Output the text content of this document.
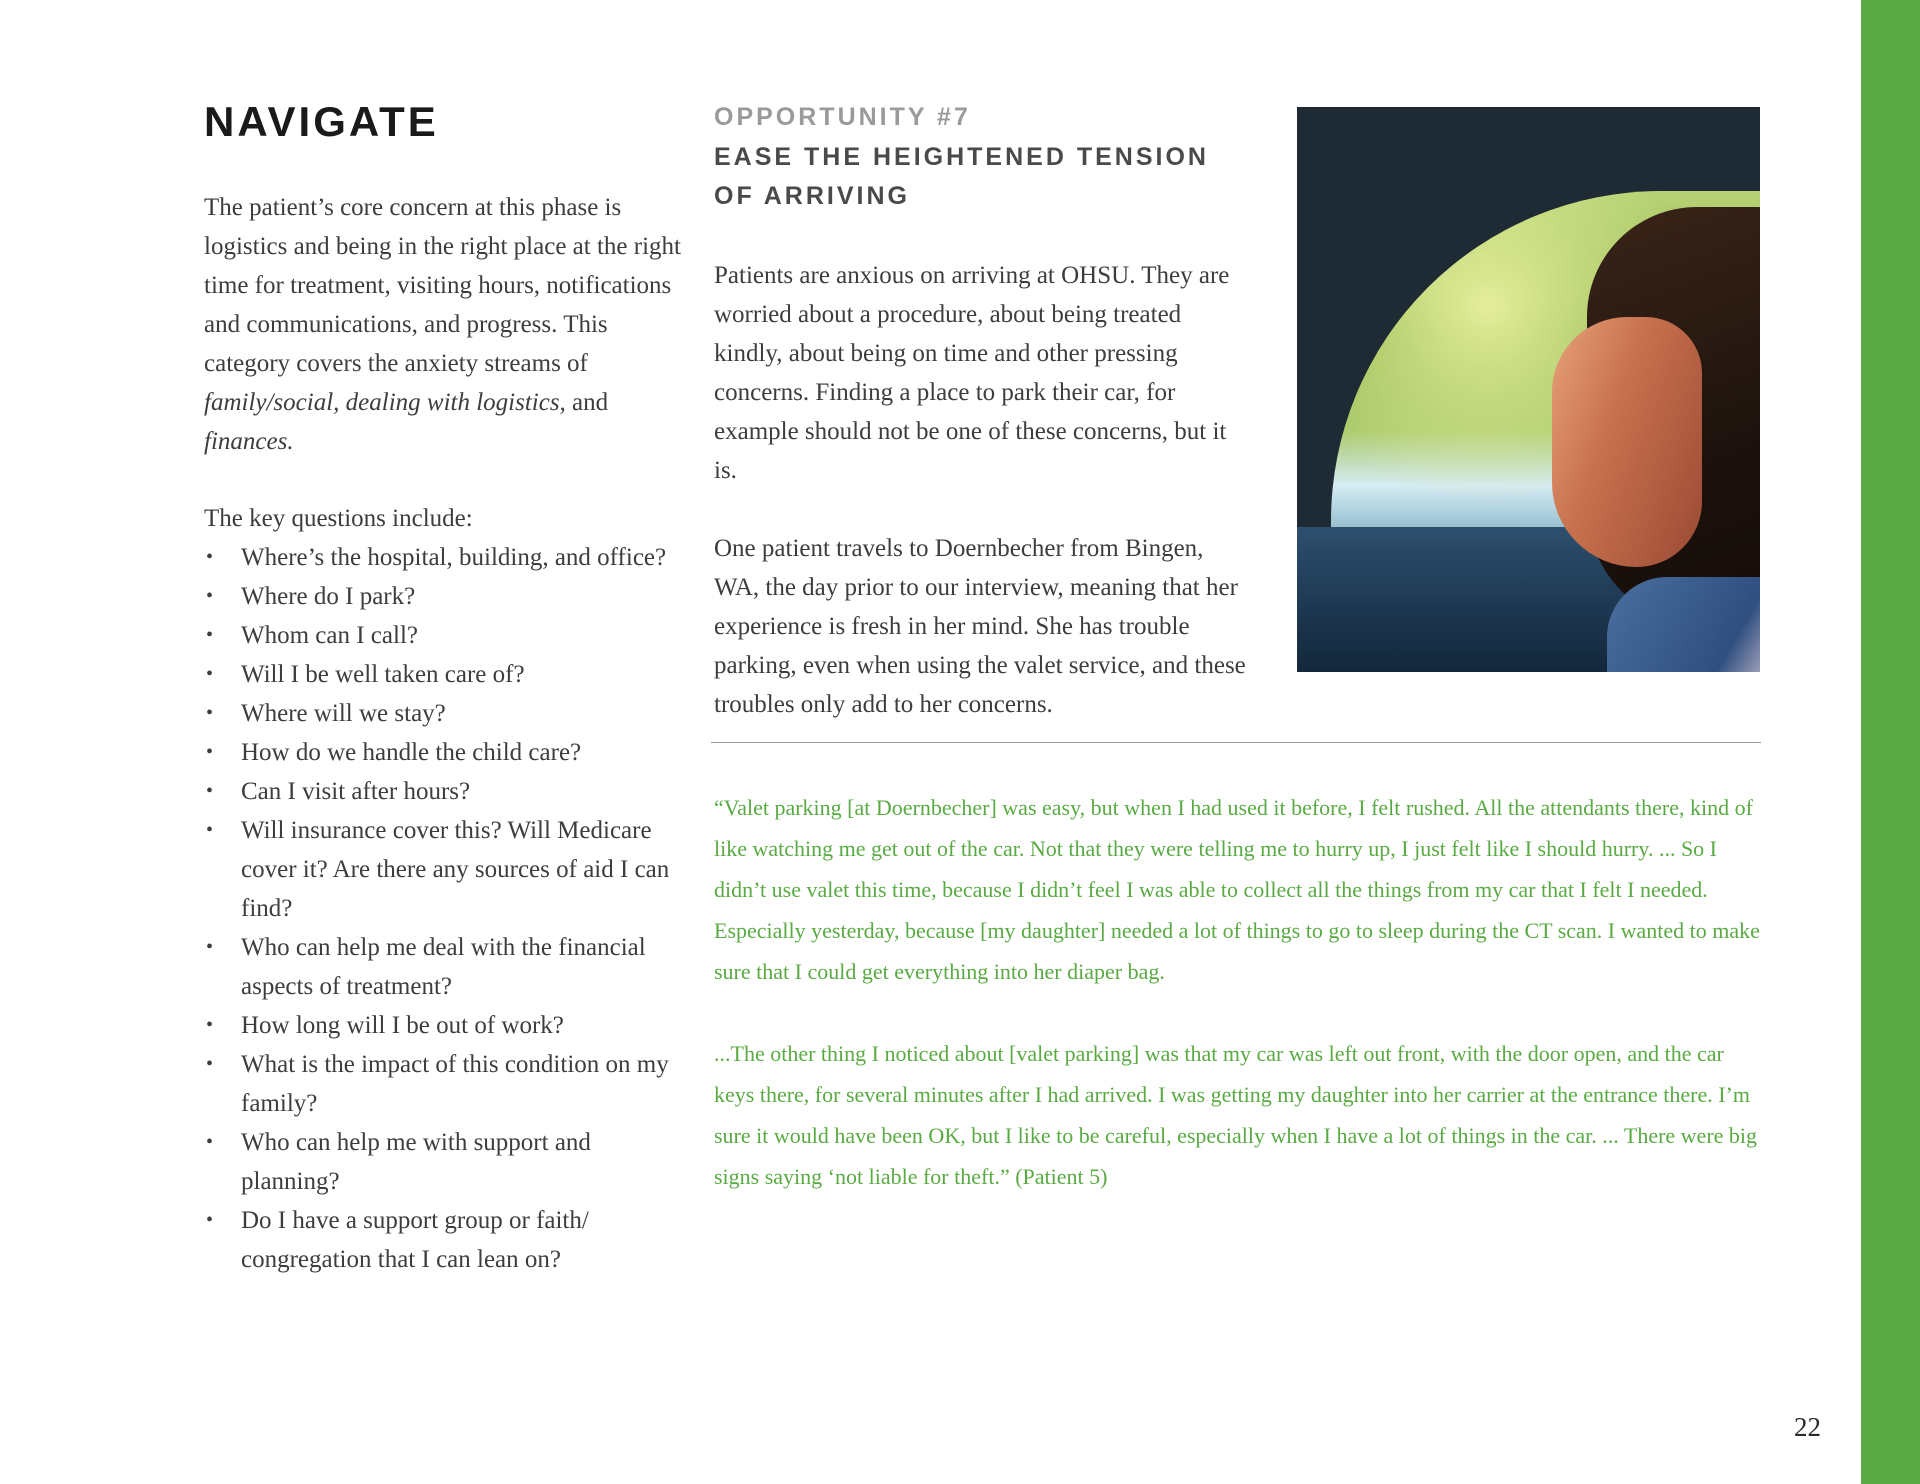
NAVIGATE

The patient’s core concern at this phase is logistics and being in the right place at the right time for treatment, visiting hours, notifications and communications, and progress. This category covers the anxiety streams of family/social, dealing with logistics, and finances.

The key questions include:

• Where’s the hospital, building, and office?
• Where do I park?
• Whom can I call?
• Will I be well taken care of?
• Where will we stay?
• How do we handle the child care?
• Can I visit after hours?
• Will insurance cover this? Will Medicare cover it? Are there any sources of aid I can find?
• Who can help me deal with the financial aspects of treatment?
• How long will I be out of work?
• What is the impact of this condition on my family?
• Who can help me with support and planning?
• Do I have a support group or faith/ congregation that I can lean on?
OPPORTUNITY #7
EASE THE HEIGHTENED TENSION OF ARRIVING

Patients are anxious on arriving at OHSU. They are worried about a procedure, about being treated kindly, about being on time and other pressing concerns. Finding a place to park their car, for example should not be one of these concerns, but it is.

One patient travels to Doernbecher from Bingen, WA, the day prior to our interview, meaning that her experience is fresh in her mind. She has trouble parking, even when using the valet service, and these troubles only add to her concerns.

“Valet parking [at Doernbecher] was easy, but when I had used it before, I felt rushed. All the attendants there, kind of like watching me get out of the car. Not that they were telling me to hurry up, I just felt like I should hurry. ... So I didn’t use valet this time, because I didn’t feel I was able to collect all the things from my car that I felt I needed. Especially yesterday, because [my daughter] needed a lot of things to go to sleep during the CT scan. I wanted to make sure that I could get everything into her diaper bag.

...The other thing I noticed about [valet parking] was that my car was left out front, with the door open, and the car keys there, for several minutes after I had arrived. I was getting my daughter into her carrier at the entrance there. I’m sure it would have been OK, but I like to be careful, especially when I have a lot of things in the car. ... There were big signs saying ‘not liable for theft.” (Patient 5)

22
